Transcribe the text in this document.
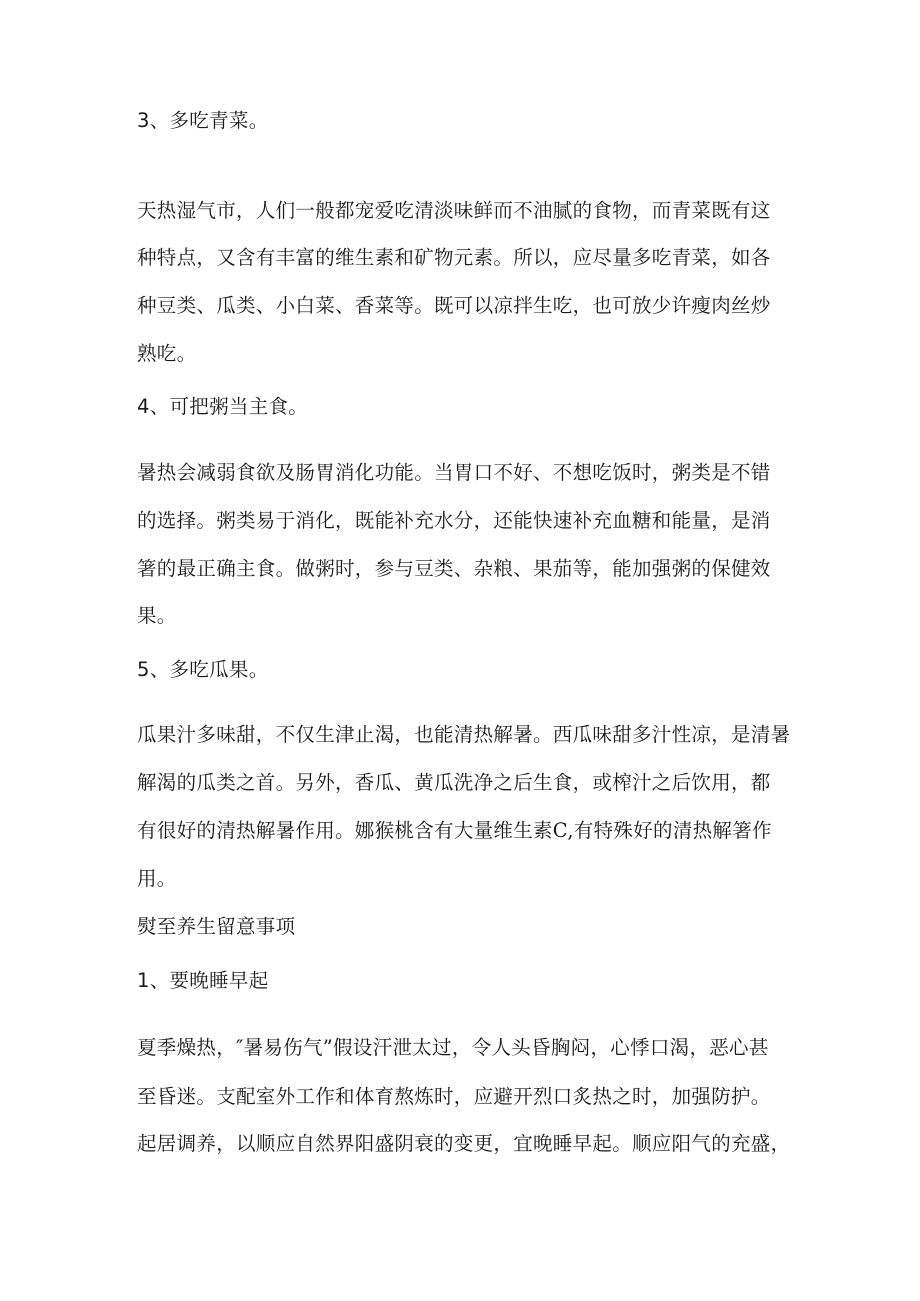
3、多吃青菜。
天热湿气市，人们一般都宠爱吃清淡味鲜而不油腻的食物，而青菜既有这
种特点，又含有丰富的维生素和矿物元素。所以，应尽量多吃青菜，如各
种豆类、瓜类、小白菜、香菜等。既可以凉拌生吃，也可放少许瘦肉丝炒
熟吃。
4、可把粥当主食。
暑热会减弱食欲及肠胃消化功能。当胃口不好、不想吃饭时，粥类是不错
的选择。粥类易于消化，既能补充水分，还能快速补充血糖和能量，是消
箸的最正确主食。做粥时，参与豆类、杂粮、果茄等，能加强粥的保健效
果。
5、多吃瓜果。
瓜果汁多味甜，不仅生津止渴，也能清热解暑。西瓜味甜多汁性凉，是清暑
解渴的瓜类之首。另外，香瓜、黄瓜洗净之后生食，或榨汁之后饮用，都
有很好的清热解暑作用。娜猴桃含有大量维生素C,有特殊好的清热解箸作
用。
熨至养生留意事项
1、要晚睡早起
夏季燥热，″暑易伤气”假设汗泄太过，令人头昏胸闷，心悸口渴，恶心甚
至昏迷。支配室外工作和体育熬炼时，应避开烈口炙热之时，加强防护。
起居调养，以顺应自然界阳盛阴衰的变更，宜晚睡早起。顺应阳气的充盛，
